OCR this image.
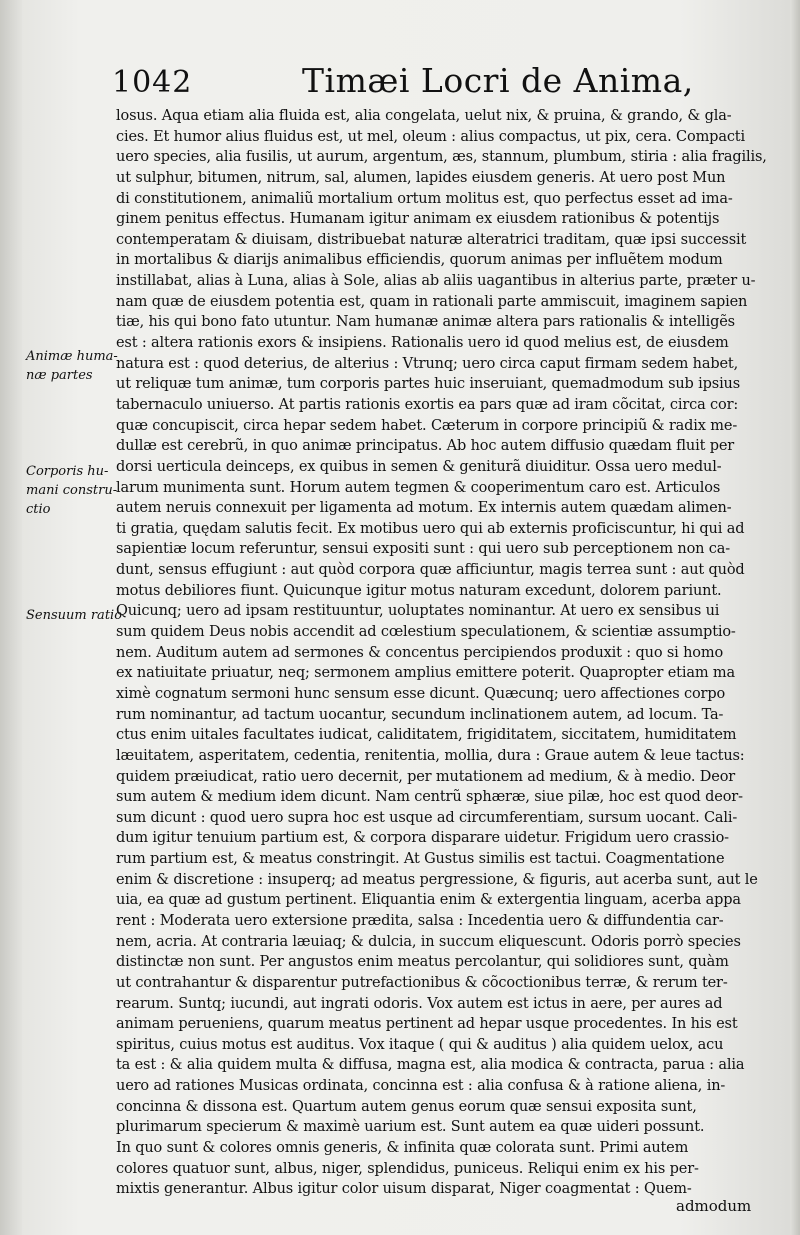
1042	Timæi Locri de Anima,
Animæ huma-
næ partes
Corporis hu-
mani constru-
ctio
Sensuum ratio
losus. Aqua etiam alia fluida est, alia congelata, uelut nix, & pruina, & grando, & gla-
cies. Et humor alius fluidus est, ut mel, oleum : alius compactus, ut pix, cera. Compacti
uero species, alia fusilis, ut aurum, argentum, æs, stannum, plumbum, stiria : alia fragilis,
ut sulphur, bitumen, nitrum, sal, alumen, lapides eiusdem generis. At uero post Mun
di constitutionem, animaliũ mortalium ortum molitus est, quo perfectus esset ad ima-
ginem penitus effectus. Humanam igitur animam ex eiusdem rationibus & potentijs
contemperatam & diuisam, distribuebat naturæ alteratrici traditam, quæ ipsi successit
in mortalibus & diarijs animalibus efficiendis, quorum animas per influẽtem modum
instillabat, alias à Luna, alias à Sole, alias ab aliis uagantibus in alterius parte, præter u-
nam quæ de eiusdem potentia est, quam in rationali parte ammiscuit, imaginem sapien
tiæ, his qui bono fato utuntur. Nam humanæ animæ altera pars rationalis & intelligẽs
est : altera rationis exors & insipiens. Rationalis uero id quod melius est, de eiusdem
natura est : quod deterius, de alterius : Vtrunq; uero circa caput firmam sedem habet,
ut reliquæ tum animæ, tum corporis partes huic inseruiant, quemadmodum sub ipsius
tabernaculo uniuerso. At partis rationis exortis ea pars quæ ad iram cõcitat, circa cor:
quæ concupiscit, circa hepar sedem habet. Cæterum in corpore principiũ & radix me-
dullæ est cerebrũ, in quo animæ principatus. Ab hoc autem diffusio quædam fluit per
dorsi uerticula deinceps, ex quibus in semen & geniturã diuiditur. Ossa uero medul-
larum munimenta sunt. Horum autem tegmen & cooperimentum caro est. Articulos
autem neruis connexuit per ligamenta ad motum. Ex internis autem quædam alimen-
ti gratia, quędam salutis fecit. Ex motibus uero qui ab externis proficiscuntur, hi qui ad
sapientiæ locum referuntur, sensui expositi sunt : qui uero sub perceptionem non ca-
dunt, sensus effugiunt : aut quòd corpora quæ afficiuntur, magis terrea sunt : aut quòd
motus debiliores fiunt. Quicunque igitur motus naturam excedunt, dolorem pariunt.
Quicunq; uero ad ipsam restituuntur, uoluptates nominantur. At uero ex sensibus ui
sum quidem Deus nobis accendit ad cœlestium speculationem, & scientiæ assumptio-
nem. Auditum autem ad sermones & concentus percipiendos produxit : quo si homo
ex natiuitate priuatur, neq; sermonem amplius emittere poterit. Quapropter etiam ma
ximè cognatum sermoni hunc sensum esse dicunt. Quæcunq; uero affectiones corpo
rum nominantur, ad tactum uocantur, secundum inclinationem autem, ad locum. Ta-
ctus enim uitales facultates iudicat, caliditatem, frigiditatem, siccitatem, humiditatem
læuitatem, asperitatem, cedentia, renitentia, mollia, dura : Graue autem & leue tactus:
quidem præiudicat, ratio uero decernit, per mutationem ad medium, & à medio. Deor
sum autem & medium idem dicunt. Nam centrũ sphæræ, siue pilæ, hoc est quod deor-
sum dicunt : quod uero supra hoc est usque ad circumferentiam, sursum uocant. Cali-
dum igitur tenuium partium est, & corpora disparare uidetur. Frigidum uero crassio-
rum partium est, & meatus constringit. At Gustus similis est tactui. Coagmentatione
enim & discretione : insuperq; ad meatus pergressione, & figuris, aut acerba sunt, aut le
uia, ea quæ ad gustum pertinent. Eliquantia enim & extergentia linguam, acerba appa
rent : Moderata uero extersione prædita, salsa : Incedentia uero & diffundentia car-
nem, acria. At contraria læuiaq; & dulcia, in succum eliquescunt. Odoris porrò species
distinctæ non sunt. Per angustos enim meatus percolantur, qui solidiores sunt, quàm
ut contrahantur & disparentur putrefactionibus & cõcoctionibus terræ, & rerum ter-
rearum. Suntq; iucundi, aut ingrati odoris. Vox autem est ictus in aere, per aures ad
animam perueniens, quarum meatus pertinent ad hepar usque procedentes. In his est
spiritus, cuius motus est auditus. Vox itaque ( qui & auditus ) alia quidem uelox, acu
ta est : & alia quidem multa & diffusa, magna est, alia modica & contracta, parua : alia
uero ad rationes Musicas ordinata, concinna est : alia confusa & à ratione aliena, in-
concinna & dissona est. Quartum autem genus eorum quæ sensui exposita sunt,
plurimarum specierum & maximè uarium est. Sunt autem ea quæ uideri possunt.
In quo sunt & colores omnis generis, & infinita quæ colorata sunt. Primi autem
colores quatuor sunt, albus, niger, splendidus, puniceus. Reliqui enim ex his per-
mixtis generantur. Albus igitur color uisum disparat, Niger coagmentat : Quem-
admodum
